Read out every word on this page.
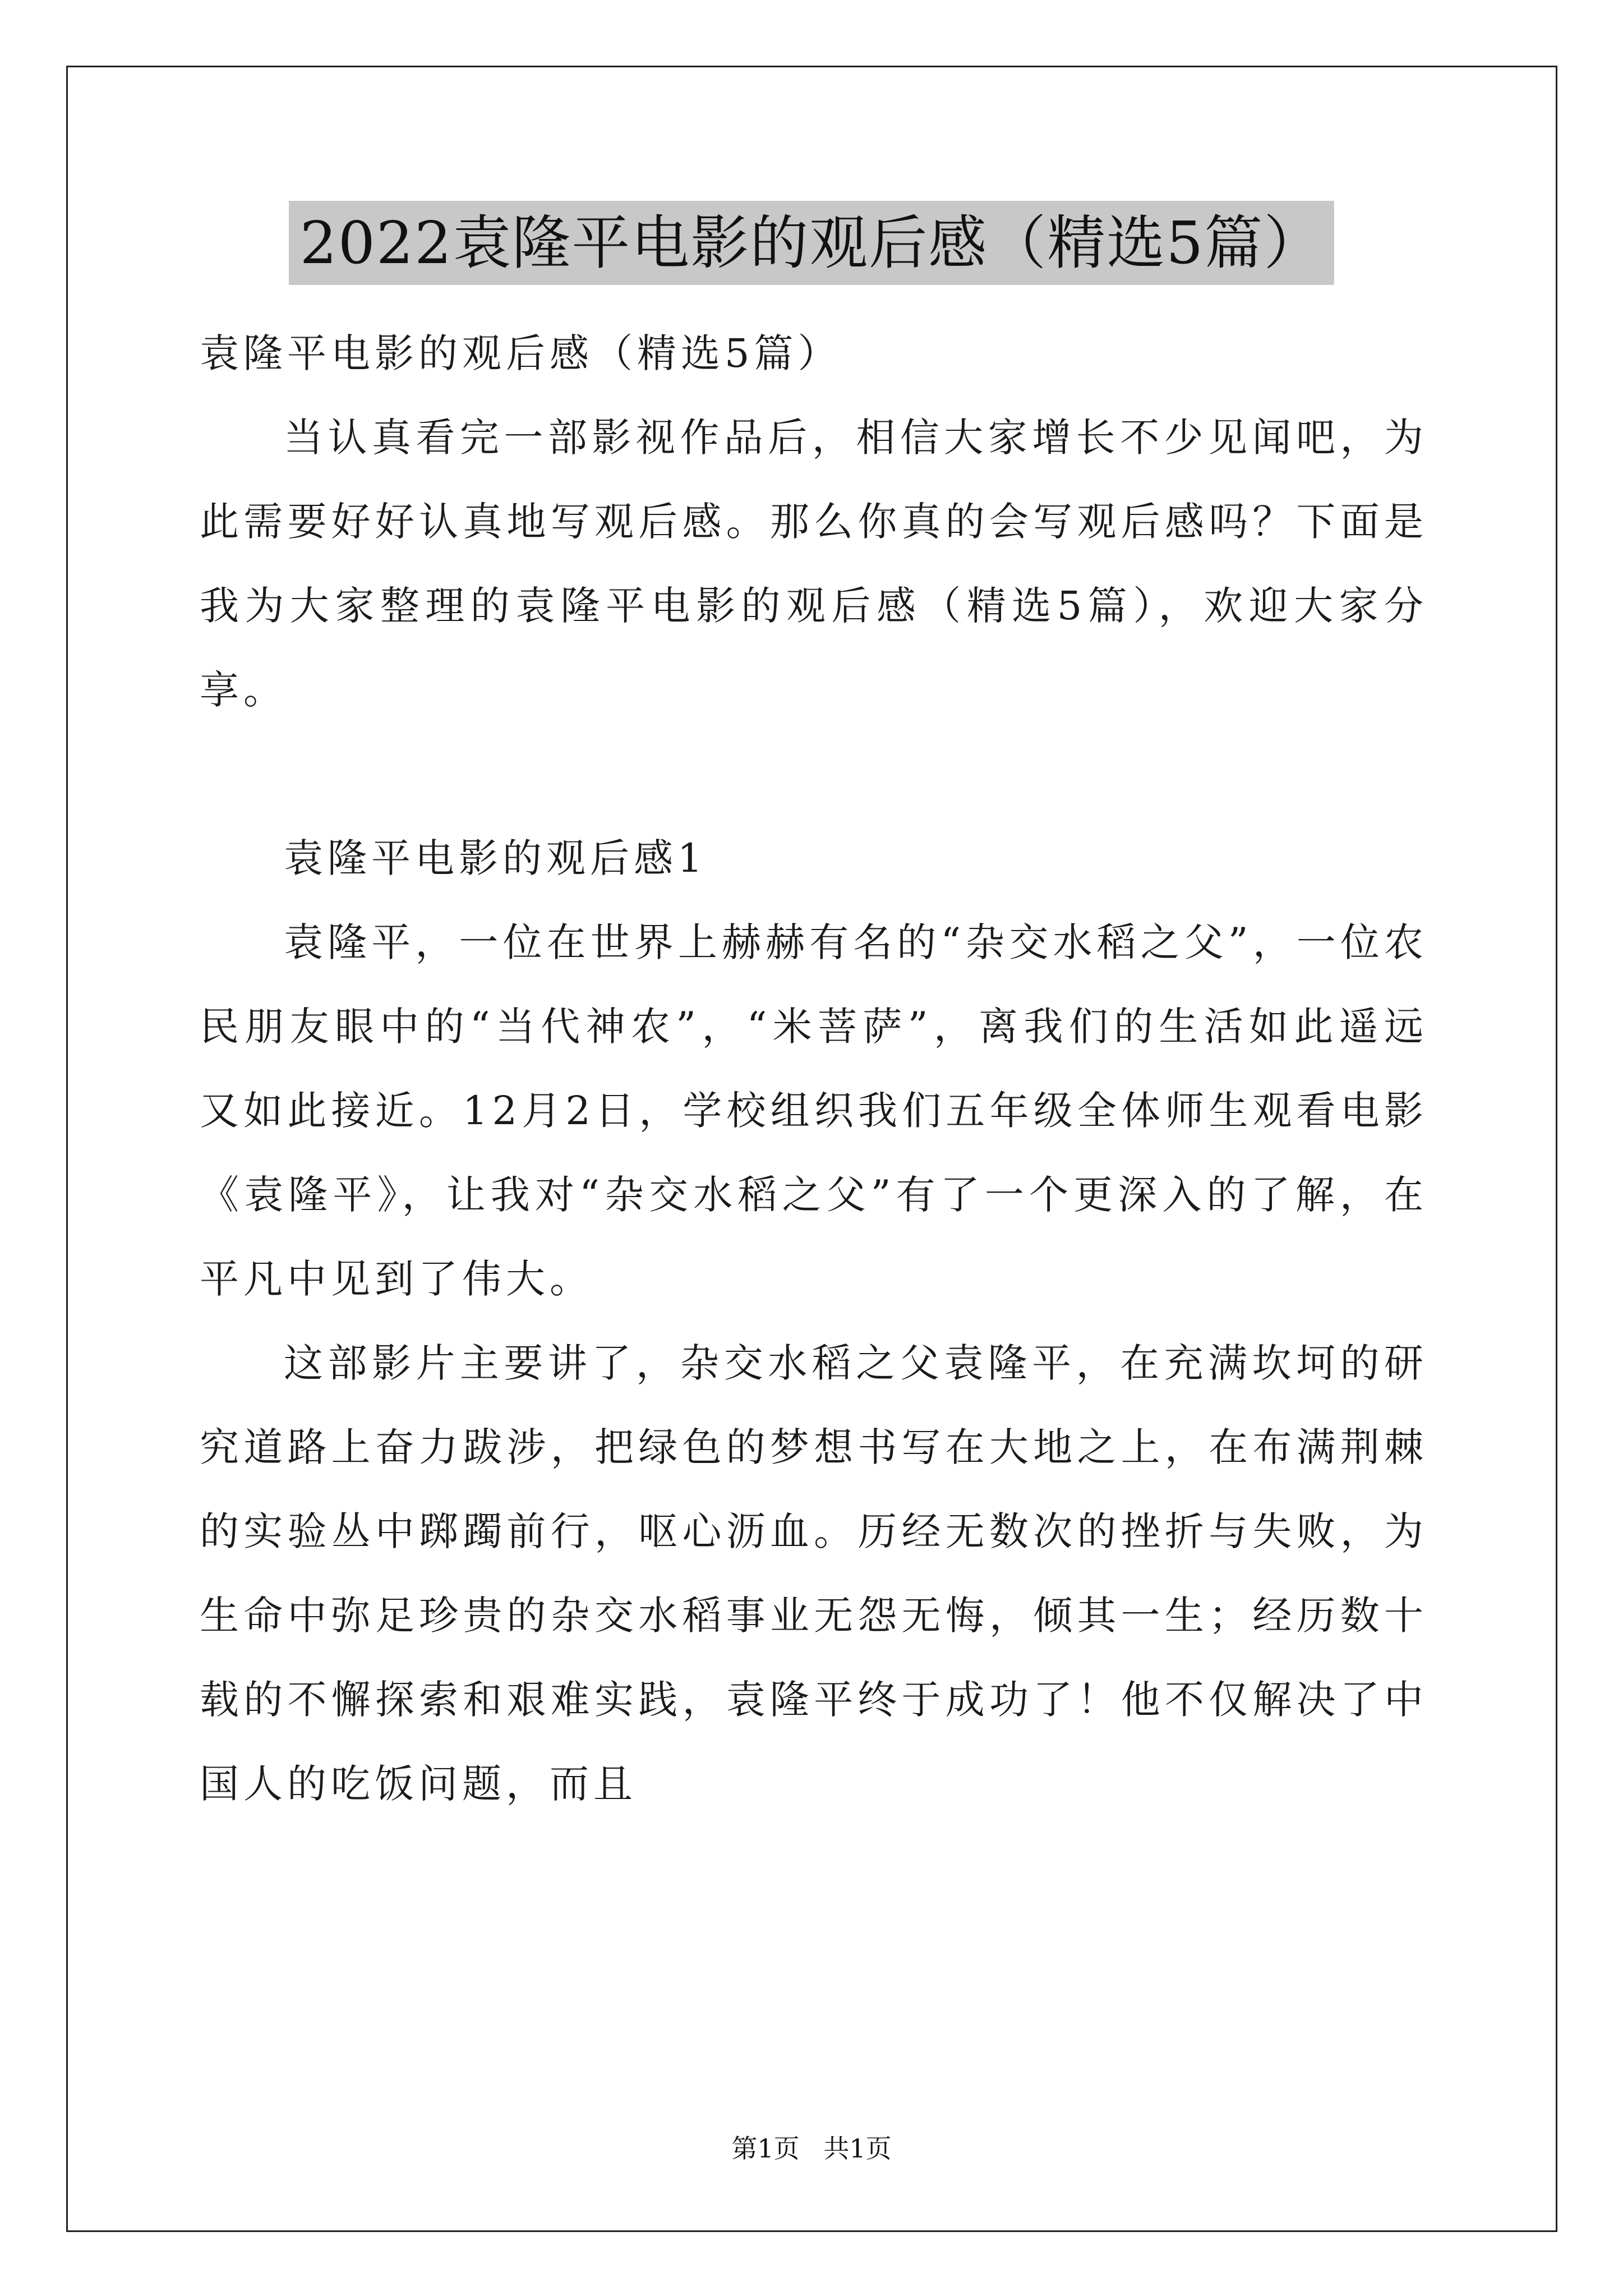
2022袁隆平电影的观后感（精选5篇）

袁隆平电影的观后感（精选5篇）

当认真看完一部影视作品后，相信大家增长不少见闻吧，为此需要好好认真地写观后感。那么你真的会写观后感吗？下面是我为大家整理的袁隆平电影的观后感（精选5篇），欢迎大家分享。

袁隆平电影的观后感1

袁隆平，一位在世界上赫赫有名的“杂交水稻之父”，一位农民朋友眼中的“当代神农”，“米菩萨”，离我们的生活如此遥远又如此接近。12月2日，学校组织我们五年级全体师生观看电影《袁隆平》，让我对“杂交水稻之父”有了一个更深入的了解，在平凡中见到了伟大。

这部影片主要讲了，杂交水稻之父袁隆平，在充满坎坷的研究道路上奋力跋涉，把绿色的梦想书写在大地之上，在布满荆棘的实验丛中踯躅前行，呕心沥血。历经无数次的挫折与失败，为生命中弥足珍贵的杂交水稻事业无怨无悔，倾其一生；经历数十载的不懈探索和艰难实践，袁隆平终于成功了！他不仅解决了中国人的吃饭问题，而且

第1页 共1页
